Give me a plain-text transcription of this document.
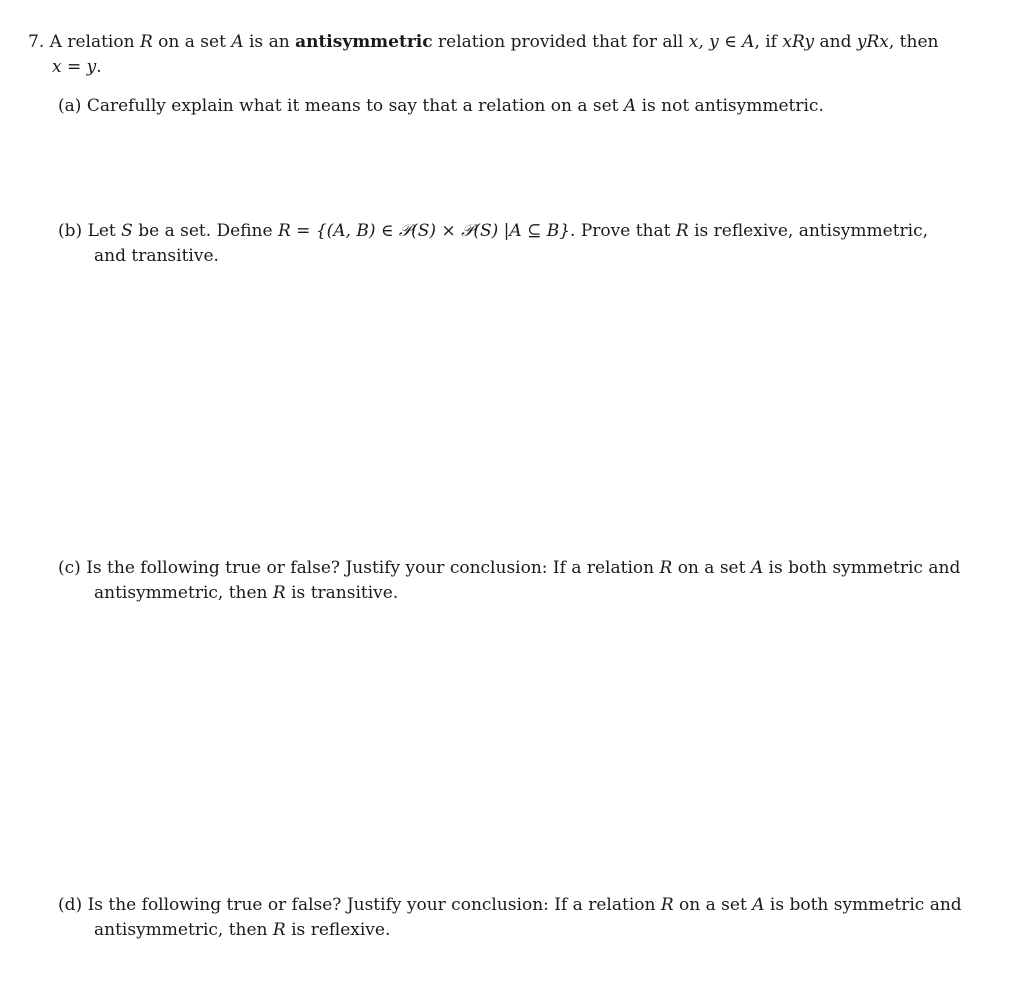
7. A relation R on a set A is an antisymmetric relation provided that for all x, y ∈ A, if xRy and yRx, then
x = y.
(a) Carefully explain what it means to say that a relation on a set A is not antisymmetric.
(b) Let S be a set. Define R = {(A, B) ∈ 𝒫(S) × 𝒫(S) |A ⊆ B}. Prove that R is reflexive, antisymmetric,
and transitive.
(c) Is the following true or false? Justify your conclusion: If a relation R on a set A is both symmetric and
antisymmetric, then R is transitive.
(d) Is the following true or false? Justify your conclusion: If a relation R on a set A is both symmetric and
antisymmetric, then R is reflexive.
